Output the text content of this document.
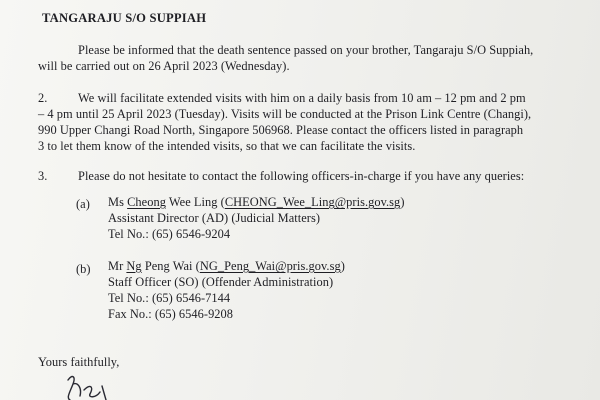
TANGARAJU S/O SUPPIAH
Please be informed that the death sentence passed on your brother, Tangaraju S/O Suppiah,
will be carried out on 26 April 2023 (Wednesday).
2. We will facilitate extended visits with him on a daily basis from 10 am – 12 pm and 2 pm
– 4 pm until 25 April 2023 (Tuesday). Visits will be conducted at the Prison Link Centre (Changi),
990 Upper Changi Road North, Singapore 506968. Please contact the officers listed in paragraph
3 to let them know of the intended visits, so that we can facilitate the visits.
3. Please do not hesitate to contact the following officers-in-charge if you have any queries:
(a) Ms Cheong Wee Ling (CHEONG_Wee_Ling@pris.gov.sg)
Assistant Director (AD) (Judicial Matters)
Tel No.: (65) 6546-9204
(b) Mr Ng Peng Wai (NG_Peng_Wai@pris.gov.sg)
Staff Officer (SO) (Offender Administration)
Tel No.: (65) 6546-7144
Fax No.: (65) 6546-9208
Yours faithfully,
